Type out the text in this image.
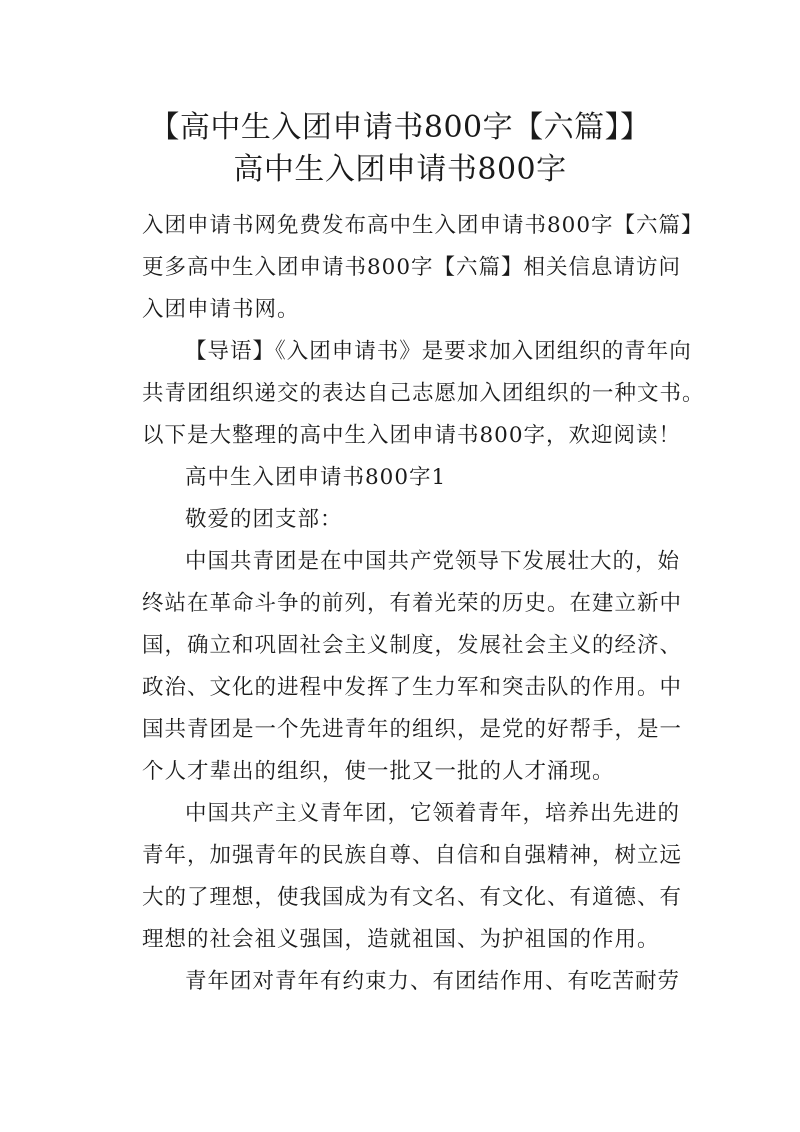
【高中生入团申请书800字【六篇】】
高中生入团申请书800字
入团申请书网免费发布高中生入团申请书800字【六篇】
更多高中生入团申请书800字【六篇】相关信息请访问
入团申请书网。
【导语】《入团申请书》是要求加入团组织的青年向
共青团组织递交的表达自己志愿加入团组织的一种文书。
以下是大整理的高中生入团申请书800字，欢迎阅读！
高中生入团申请书800字1
敬爱的团支部：
中国共青团是在中国共产党领导下发展壮大的，始
终站在革命斗争的前列，有着光荣的历史。在建立新中
国，确立和巩固社会主义制度，发展社会主义的经济、
政治、文化的进程中发挥了生力军和突击队的作用。中
国共青团是一个先进青年的组织，是党的好帮手，是一
个人才辈出的组织，使一批又一批的人才涌现。
中国共产主义青年团，它领着青年，培养出先进的
青年，加强青年的民族自尊、自信和自强精神，树立远
大的了理想，使我国成为有文名、有文化、有道德、有
理想的社会祖义强国，造就祖国、为护祖国的作用。
青年团对青年有约束力、有团结作用、有吃苦耐劳
